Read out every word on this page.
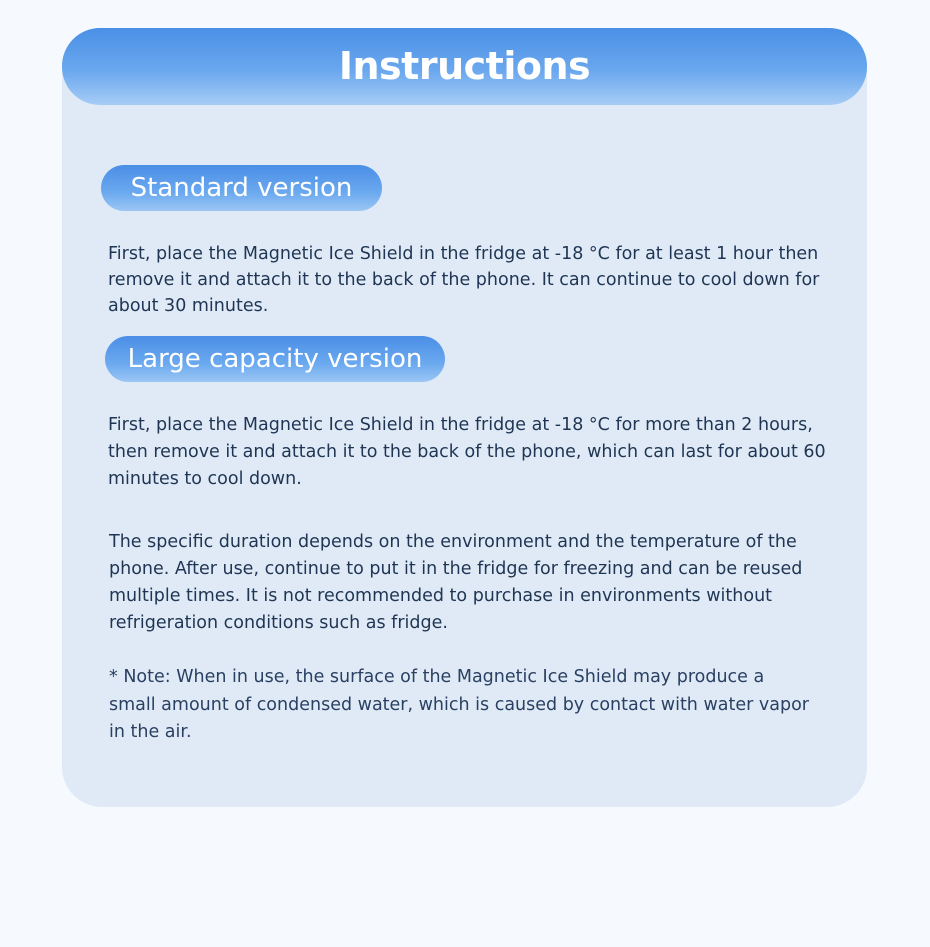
Instructions
Standard version

First, place the Magnetic Ice Shield in the fridge at -18 °C for at least 1 hour then remove it and attach it to the back of the phone. It can continue to cool down for about 30 minutes.

Large capacity version

First, place the Magnetic Ice Shield in the fridge at -18 °C for more than 2 hours, then remove it and attach it to the back of the phone, which can last for about 60 minutes to cool down.

The specific duration depends on the environment and the temperature of the phone. After use, continue to put it in the fridge for freezing and can be reused multiple times. It is not recommended to purchase in environments without refrigeration conditions such as fridge.

* Note: When in use, the surface of the Magnetic Ice Shield may produce a small amount of condensed water, which is caused by contact with water vapor in the air.
